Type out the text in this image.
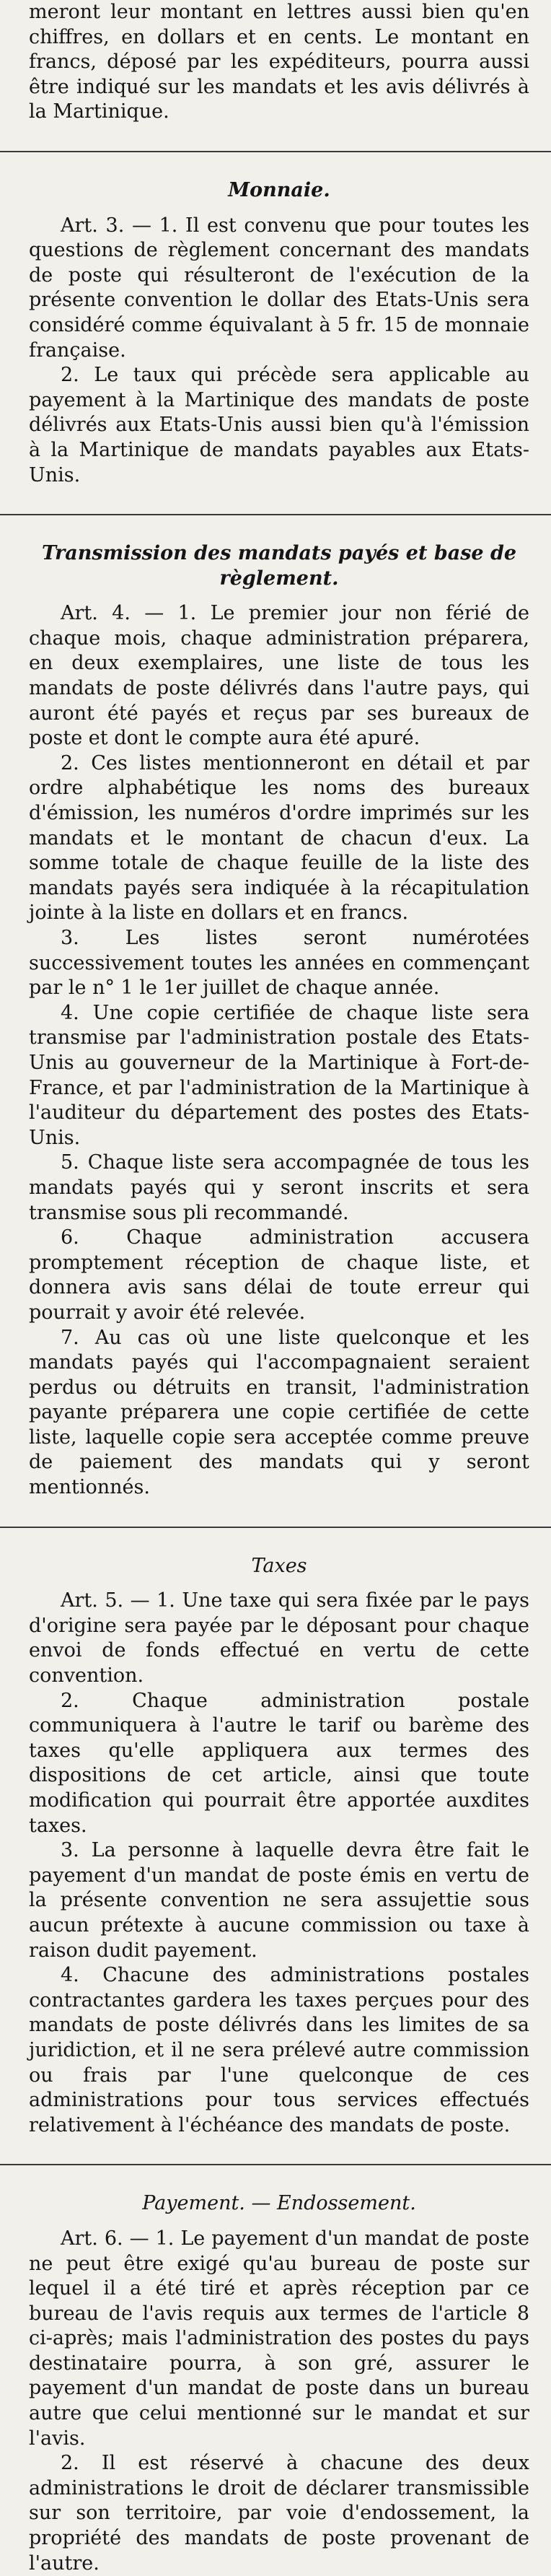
meront leur montant en lettres aussi bien qu'en chiffres, en dollars et en cents. Le montant en francs, déposé par les expéditeurs, pourra aussi être indiqué sur les mandats et les avis délivrés à la Martinique.

Monnaie.

Art. 3. — 1. Il est convenu que pour toutes les questions de règlement concernant des mandats de poste qui résulteront de l'exécution de la présente convention le dollar des Etats-Unis sera considéré comme équivalant à 5 fr. 15 de monnaie française.

2. Le taux qui précède sera applicable au payement à la Martinique des mandats de poste délivrés aux Etats-Unis aussi bien qu'à l'émission à la Martinique de mandats payables aux Etats-Unis.

Transmission des mandats payés et base de règlement.

Art. 4. — 1. Le premier jour non férié de chaque mois, chaque administration préparera, en deux exemplaires, une liste de tous les mandats de poste délivrés dans l'autre pays, qui auront été payés et reçus par ses bureaux de poste et dont le compte aura été apuré.

2. Ces listes mentionneront en détail et par ordre alphabétique les noms des bureaux d'émission, les numéros d'ordre imprimés sur les mandats et le montant de chacun d'eux. La somme totale de chaque feuille de la liste des mandats payés sera indiquée à la récapitulation jointe à la liste en dollars et en francs.

3. Les listes seront numérotées successivement toutes les années en commençant par le n° 1 le 1er juillet de chaque année.

4. Une copie certifiée de chaque liste sera transmise par l'administration postale des Etats-Unis au gouverneur de la Martinique à Fort-de-France, et par l'administration de la Martinique à l'auditeur du département des postes des Etats-Unis.

5. Chaque liste sera accompagnée de tous les mandats payés qui y seront inscrits et sera transmise sous pli recommandé.

6. Chaque administration accusera promptement réception de chaque liste, et donnera avis sans délai de toute erreur qui pourrait y avoir été relevée.

7. Au cas où une liste quelconque et les mandats payés qui l'accompagnaient seraient perdus ou détruits en transit, l'administration payante préparera une copie certifiée de cette liste, laquelle copie sera acceptée comme preuve de paiement des mandats qui y seront mentionnés.

Taxes

Art. 5. — 1. Une taxe qui sera fixée par le pays d'origine sera payée par le déposant pour chaque envoi de fonds effectué en vertu de cette convention.

2. Chaque administration postale communiquera à l'autre le tarif ou barème des taxes qu'elle appliquera aux termes des dispositions de cet article, ainsi que toute modification qui pourrait être apportée auxdites taxes.

3. La personne à laquelle devra être fait le payement d'un mandat de poste émis en vertu de la présente convention ne sera assujettie sous aucun prétexte à aucune commission ou taxe à raison dudit payement.

4. Chacune des administrations postales contractantes gardera les taxes perçues pour des mandats de poste délivrés dans les limites de sa juridiction, et il ne sera prélevé autre commission ou frais par l'une quelconque de ces administrations pour tous services effectués relativement à l'échéance des mandats de poste.

Payement. — Endossement.

Art. 6. — 1. Le payement d'un mandat de poste ne peut être exigé qu'au bureau de poste sur lequel il a été tiré et après réception par ce bureau de l'avis requis aux termes de l'article 8 ci-après; mais l'administration des postes du pays destinataire pourra, à son gré, assurer le payement d'un mandat de poste dans un bureau autre que celui mentionné sur le mandat et sur l'avis.

2. Il est réservé à chacune des deux administrations le droit de déclarer transmissible sur son territoire, par voie d'endossement, la propriété des mandats de poste provenant de l'autre.
